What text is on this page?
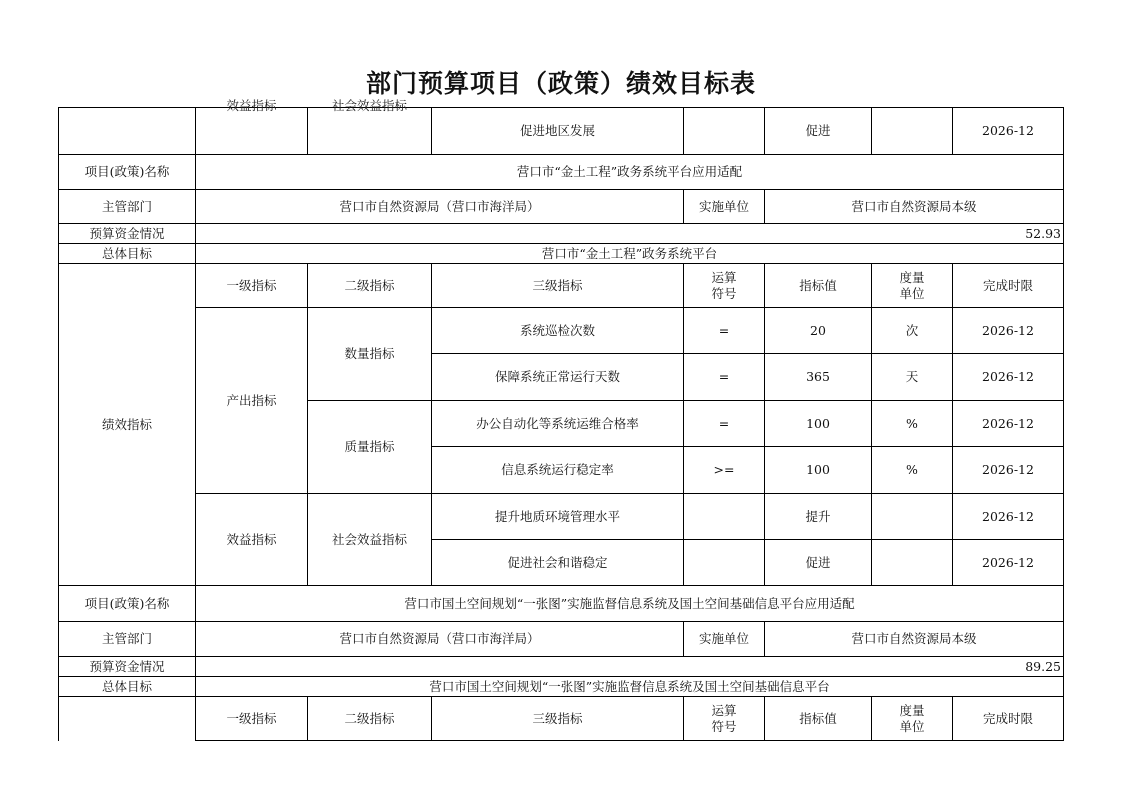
部门预算项目（政策）绩效目标表

	效益指标	社会效益指标	促进地区发展		促进		2026-12
项目(政策)名称	营口市“金土工程”政务系统平台应用适配						
主管部门	营口市自然资源局（营口市海洋局）			实施单位	营口市自然资源局本级		
预算资金情况	52.93						
总体目标	营口市“金土工程”政务系统平台						
绩效指标	一级指标	二级指标	三级指标	运算符号	指标值	度量单位	完成时限
	产出指标	数量指标	系统巡检次数	=	20	次	2026-12
			保障系统正常运行天数	=	365	天	2026-12
		质量指标	办公自动化等系统运维合格率	=	100	%	2026-12
			信息系统运行稳定率	>=	100	%	2026-12
	效益指标	社会效益指标	提升地质环境管理水平		提升		2026-12
			促进社会和谐稳定		促进		2026-12
项目(政策)名称	营口市国土空间规划“一张图”实施监督信息系统及国土空间基础信息平台应用适配						
主管部门	营口市自然资源局（营口市海洋局）			实施单位	营口市自然资源局本级		
预算资金情况	89.25						
总体目标	营口市国土空间规划“一张图”实施监督信息系统及国土空间基础信息平台						
	一级指标	二级指标	三级指标	运算符号	指标值	度量单位	完成时限
